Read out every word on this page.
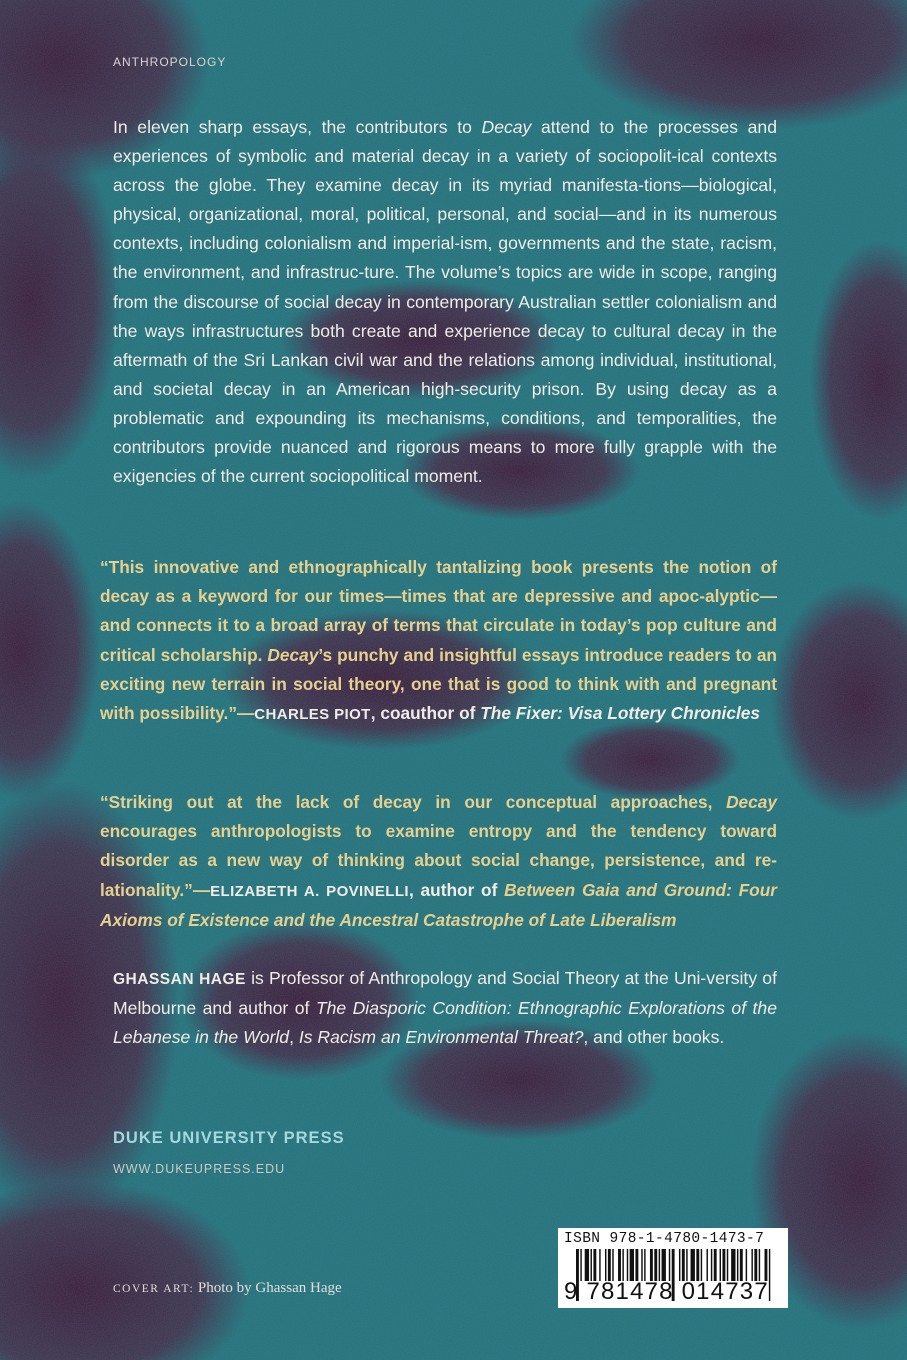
ANTHROPOLOGY

In eleven sharp essays, the contributors to Decay attend to the processes and experiences of symbolic and material decay in a variety of sociopolit-ical contexts across the globe. They examine decay in its myriad manifesta-tions—biological, physical, organizational, moral, political, personal, and social—and in its numerous contexts, including colonialism and imperial-ism, governments and the state, racism, the environment, and infrastruc-ture. The volume’s topics are wide in scope, ranging from the discourse of social decay in contemporary Australian settler colonialism and the ways infrastructures both create and experience decay to cultural decay in the aftermath of the Sri Lankan civil war and the relations among individual, institutional, and societal decay in an American high-security prison. By using decay as a problematic and expounding its mechanisms, conditions, and temporalities, the contributors provide nuanced and rigorous means to more fully grapple with the exigencies of the current sociopolitical moment.

“This innovative and ethnographically tantalizing book presents the notion of decay as a keyword for our times—times that are depressive and apoc-alyptic—and connects it to a broad array of terms that circulate in today’s pop culture and critical scholarship. Decay’s punchy and insightful essays introduce readers to an exciting new terrain in social theory, one that is good to think with and pregnant with possibility.”—CHARLES PIOT, coauthor of The Fixer: Visa Lottery Chronicles

“Striking out at the lack of decay in our conceptual approaches, Decay encourages anthropologists to examine entropy and the tendency toward disorder as a new way of thinking about social change, persistence, and re-lationality.”—ELIZABETH A. POVINELLI, author of Between Gaia and Ground: Four Axioms of Existence and the Ancestral Catastrophe of Late Liberalism

GHASSAN HAGE is Professor of Anthropology and Social Theory at the Uni-versity of Melbourne and author of The Diasporic Condition: Ethnographic Explorations of the Lebanese in the World, Is Racism an Environmental Threat?, and other books.

DUKE UNIVERSITY PRESS
WWW.DUKEUPRESS.EDU
COVER ART: Photo by Ghassan Hage
ISBN 978-1-4780-1473-7
9 781478 014737
